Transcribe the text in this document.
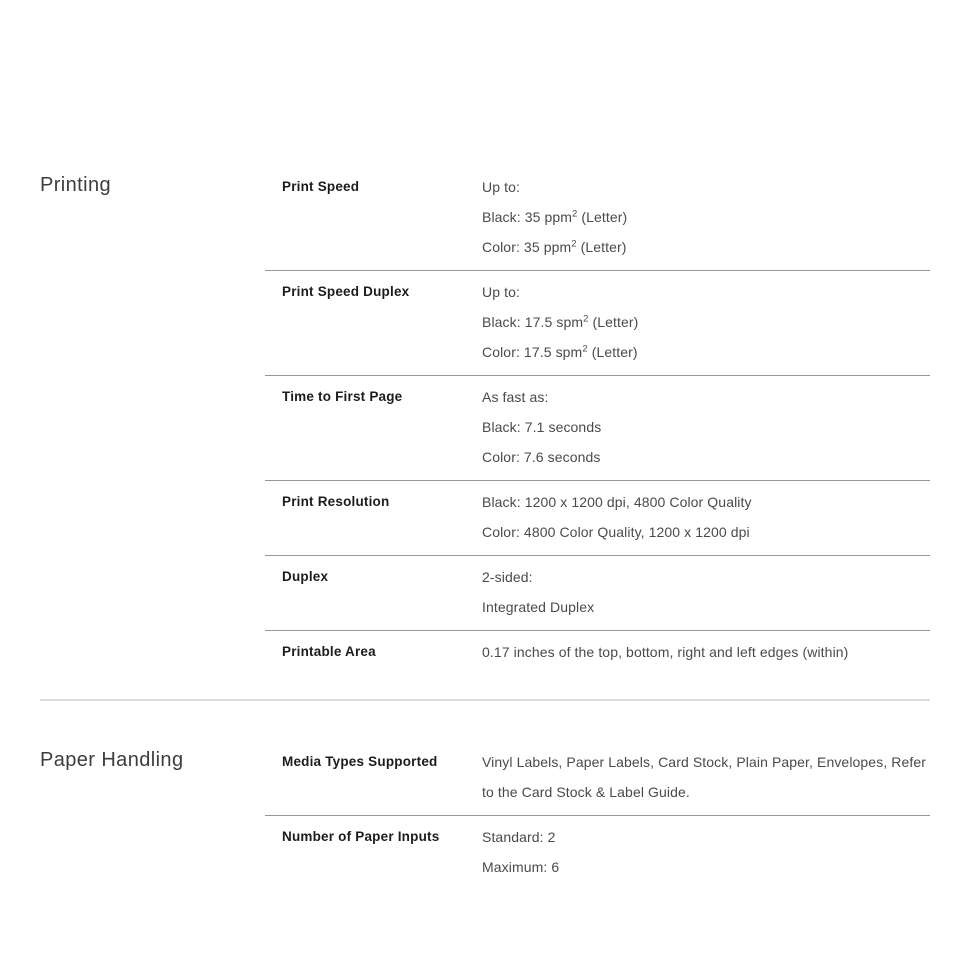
Printing	Print Speed	Up to:
Black: 35 ppm$^2$ (Letter)
Color: 35 ppm$^2$ (Letter)
Print Speed Duplex	Up to:
Black: 17.5 spm$^2$ (Letter)
Color: 17.5 spm$^2$ (Letter)
Time to First Page	As fast as:
Black: 7.1 seconds
Color: 7.6 seconds
Print Resolution	Black: 1200 x 1200 dpi, 4800 Color Quality
Color: 4800 Color Quality, 1200 x 1200 dpi
Duplex	2-sided:
Integrated Duplex
Printable Area	0.17 inches of the top, bottom, right and left edges (within)
Paper Handling	Media Types Supported	Vinyl Labels, Paper Labels, Card Stock, Plain Paper, Envelopes, Refer to the Card Stock & Label Guide.
Number of Paper Inputs	Standard: 2
Maximum: 6
